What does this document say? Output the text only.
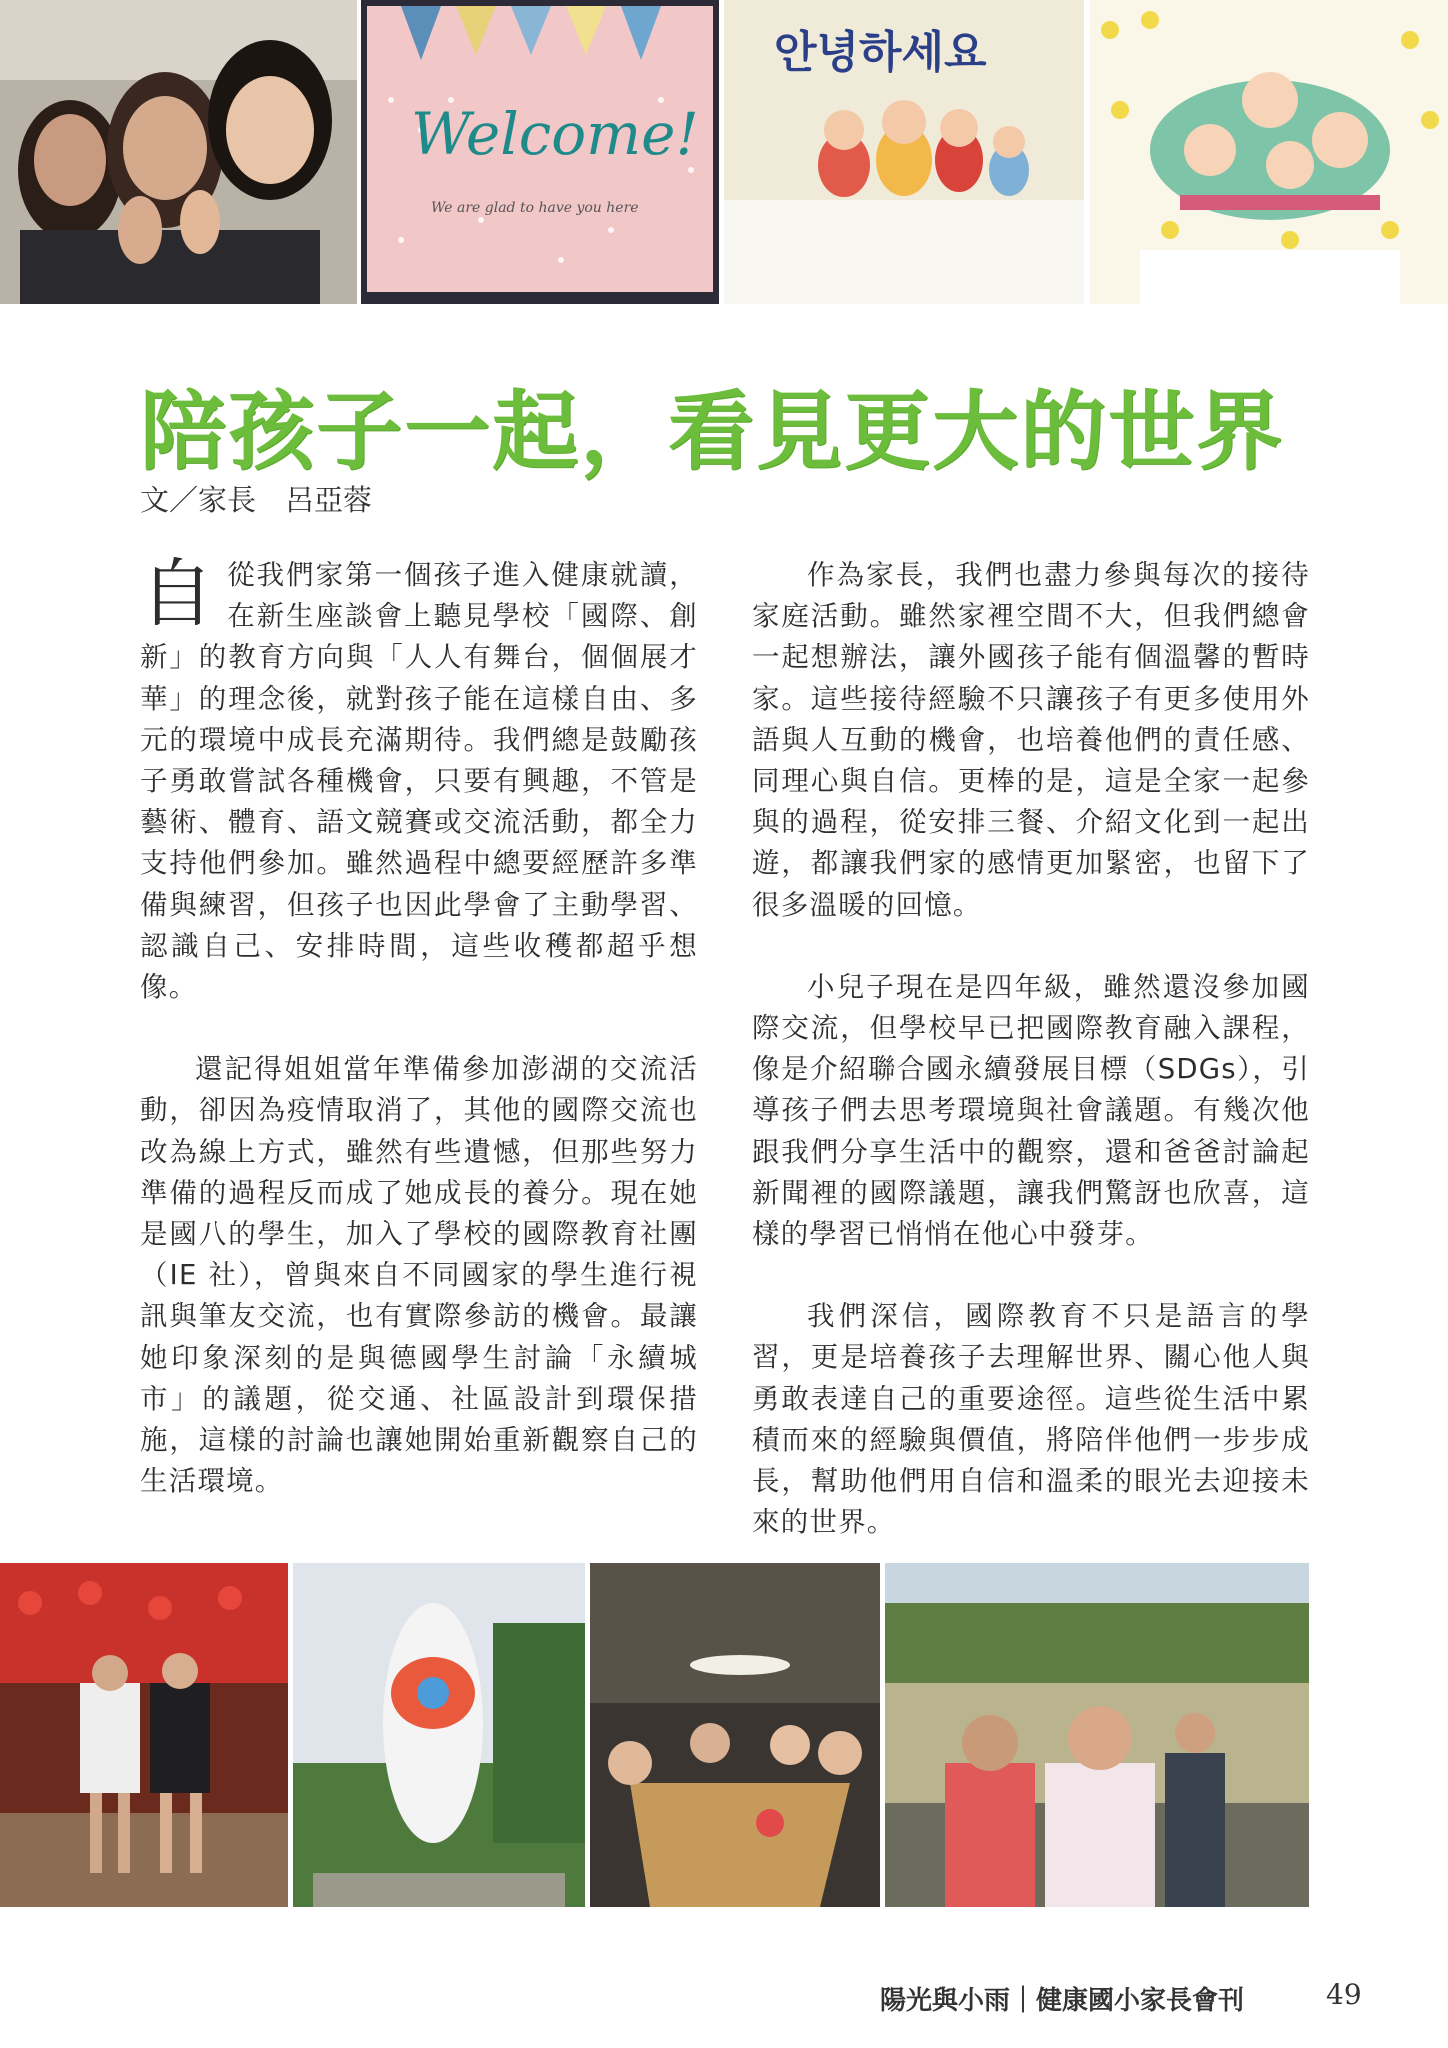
Welcome!
We are glad to have you here
안녕하세요
陪孩子一起，看見更大的世界
文／家長　呂亞蓉

自從我們家第一個孩子進入健康就讀，在新生座談會上聽見學校「國際、創新」的教育方向與「人人有舞台，個個展才華」的理念後，就對孩子能在這樣自由、多元的環境中成長充滿期待。我們總是鼓勵孩子勇敢嘗試各種機會，只要有興趣，不管是藝術、體育、語文競賽或交流活動，都全力支持他們參加。雖然過程中總要經歷許多準備與練習，但孩子也因此學會了主動學習、認識自己、安排時間，這些收穫都超乎想像。

還記得姐姐當年準備參加澎湖的交流活動，卻因為疫情取消了，其他的國際交流也改為線上方式，雖然有些遺憾，但那些努力準備的過程反而成了她成長的養分。現在她是國八的學生，加入了學校的國際教育社團（IE 社），曾與來自不同國家的學生進行視訊與筆友交流，也有實際參訪的機會。最讓她印象深刻的是與德國學生討論「永續城市」的議題，從交通、社區設計到環保措施，這樣的討論也讓她開始重新觀察自己的生活環境。

作為家長，我們也盡力參與每次的接待家庭活動。雖然家裡空間不大，但我們總會一起想辦法，讓外國孩子能有個溫馨的暫時家。這些接待經驗不只讓孩子有更多使用外語與人互動的機會，也培養他們的責任感、同理心與自信。更棒的是，這是全家一起參與的過程，從安排三餐、介紹文化到一起出遊，都讓我們家的感情更加緊密，也留下了很多溫暖的回憶。

小兒子現在是四年級，雖然還沒參加國際交流，但學校早已把國際教育融入課程，像是介紹聯合國永續發展目標（SDGs），引導孩子們去思考環境與社會議題。有幾次他跟我們分享生活中的觀察，還和爸爸討論起新聞裡的國際議題，讓我們驚訝也欣喜，這樣的學習已悄悄在他心中發芽。

我們深信，國際教育不只是語言的學習，更是培養孩子去理解世界、關心他人與勇敢表達自己的重要途徑。這些從生活中累積而來的經驗與價值，將陪伴他們一步步成長，幫助他們用自信和溫柔的眼光去迎接未來的世界。

陽光與小雨｜健康國小家長會刊	49
